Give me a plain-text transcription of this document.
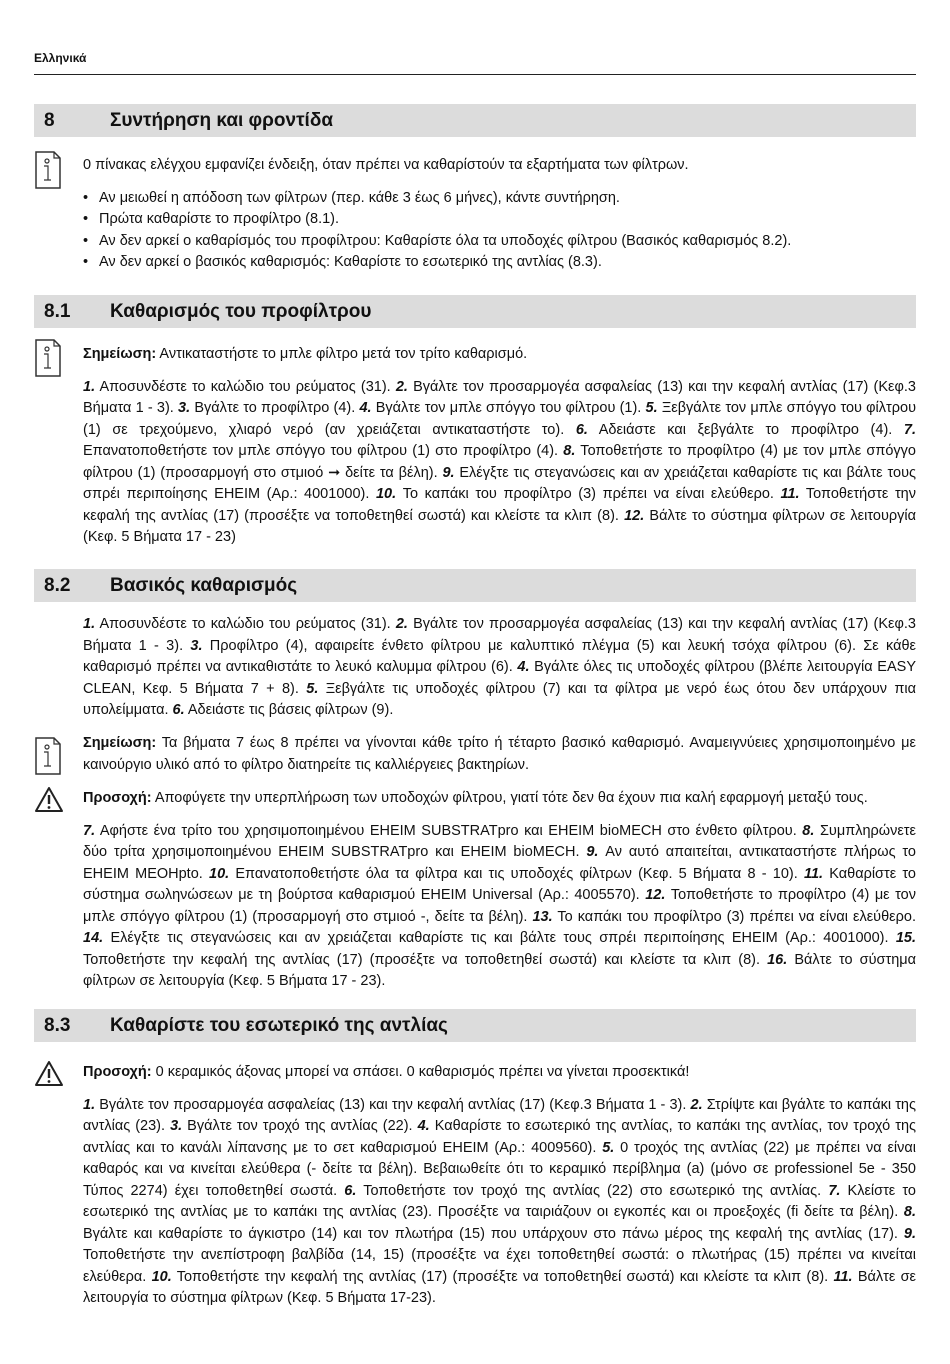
Ελληνικά
8	Συντήρηση και φροντίδα

0 πίνακας ελέγχου εμφανίζει ένδειξη, όταν πρέπει να καθαρίστούν τα εξαρτήματα των φίλτρων.

• Αν μειωθεί η απόδοση των φίλτρων (περ. κάθε 3 έως 6 μήνες), κάντε συντήρηση.
• Πρώτα καθαρίστε το προφίλτρο (8.1).
• Αν δεν αρκεί ο καθαρίσμός του προφίλτρου: Καθαρίστε όλα τα υποδοχές φίλτρου (Βασικός καθαρισμός 8.2).
• Αν δεν αρκεί ο βασικός καθαρισμός: Καθαρίστε το εσωτερικό της αντλίας (8.3).
8.1	Καθαρισμός του προφίλτρου

Σημείωση: Αντικαταστήστε το μπλε φίλτρο μετά τον τρίτο καθαρισμό.

1. Αποσυνδέστε το καλώδιο του ρεύματος (31). 2. Βγάλτε τον προσαρμογέα ασφαλείας (13) και την κεφαλή αντλίας (17) (Κεφ.3 Βήματα 1 - 3). 3. Βγάλτε το προφίλτρο (4). 4. Βγάλτε τον μπλε σπόγγο του φίλτρου (1). 5. Ξεβγάλτε τον μπλε σπόγγο του φίλτρου (1) σε τρεχούμενο, χλιαρό νερό (αν χρειάζεται αντικαταστήστε το). 6. Αδειάστε και ξεβγάλτε το προφίλτρο (4). 7. Επανατοποθετήστε τον μπλε σπόγγο του φίλτρου (1) στο προφίλτρο (4). 8. Τοποθετήστε το προφίλτρο (4) με τον μπλε σπόγγο φίλτρου (1) (προσαρμογή στο στμιοό ➞ δείτε τα βέλη). 9. Ελέγξτε τις στεγανώσεις και αν χρειάζεται καθαρίστε τις και βάλτε τους σπρέι περιποίησης EHEIM (Αρ.: 4001000). 10. Το καπάκι του προφίλτρο (3) πρέπει να είναι ελεύθερο. 11. Τοποθετήστε την κεφαλή της αντλίας (17) (προσέξτε να τοποθετηθεί σωστά) και κλείστε τα κλιπ (8). 12. Βάλτε το σύστημα φίλτρων σε λειτουργία (Κεφ. 5 Βήματα 17 - 23)

8.2	Βασικός καθαρισμός

1. Αποσυνδέστε το καλώδιο του ρεύματος (31). 2. Βγάλτε τον προσαρμογέα ασφαλείας (13) και την κεφαλή αντλίας (17) (Κεφ.3 Βήματα 1 - 3). 3. Προφίλτρο (4), αφαιρείτε ένθετο φίλτρου με καλυπτικό πλέγμα (5) και λευκή τσόχα φίλτρου (6). Σε κάθε καθαρισμό πρέπει να αντικαθιστάτε το λευκό καλυμμα φίλτρου (6). 4. Βγάλτε όλες τις υποδοχές φίλτρου (βλέπε λειτουργία EASY CLEAN, Κεφ. 5 Βήματα 7 + 8). 5. Ξεβγάλτε τις υποδοχές φίλτρου (7) και τα φίλτρα με νερό έως ότου δεν υπάρχουν πια υπολείμματα. 6. Αδειάστε τις βάσεις φίλτρων (9).

Σημείωση: Τα βήματα 7 έως 8 πρέπει να γίνονται κάθε τρίτο ή τέταρτο βασικό καθαρισμό. Αναμειγνύειες χρησιμοποιημένο με καινούργιο υλικό από το φίλτρο διατηρείτε τις καλλιέργειες βακτηρίων.

Προσοχή: Αποφύγετε την υπερπλήρωση των υποδοχών φίλτρου, γιατί τότε δεν θα έχουν πια καλή εφαρμογή μεταξύ τους.

7. Αφήστε ένα τρίτο του χρησιμοποιημένου EHEIM SUBSTRATpro και EHEIM bioMECH στο ένθετο φίλτρου. 8. Συμπληρώνετε δύο τρίτα χρησιμοποιημένου EHEIM SUBSTRATpro και EHEIM bioMECH. 9. Αν αυτό απαιτείται, αντικαταστήστε πλήρως το EHEIM MEOHpto. 10. Επανατοποθετήστε όλα τα φίλτρα και τις υποδοχές φίλτρων (Κεφ. 5 Βήματα 8 - 10). 11. Καθαρίστε το σύστημα σωληνώσεων με τη βούρτσα καθαρισμού EHEIM Universal (Αρ.: 4005570). 12. Τοποθετήστε το προφίλτρο (4) με τον μπλε σπόγγο φίλτρου (1) (προσαρμογή στο στμιοό -, δείτε τα βέλη). 13. Το καπάκι του προφίλτρο (3) πρέπει να είναι ελεύθερο. 14. Ελέγξτε τις στεγανώσεις και αν χρειάζεται καθαρίστε τις και βάλτε τους σπρέι περιποίησης EHEIM (Αρ.: 4001000). 15. Τοποθετήστε την κεφαλή της αντλίας (17) (προσέξτε να τοποθετηθεί σωστά) και κλείστε τα κλιπ (8). 16. Βάλτε το σύστημα φίλτρων σε λειτουργία (Κεφ. 5 Βήματα 17 - 23).

8.3	Καθαρίστε του εσωτερικό της αντλίας

Προσοχή: 0 κεραμικός άξονας μπορεί να σπάσει. 0 καθαρισμός πρέπει να γίνεται προσεκτικά!

1. Βγάλτε τον προσαρμογέα ασφαλείας (13) και την κεφαλή αντλίας (17) (Κεφ.3 Βήματα 1 - 3). 2. Στρίψτε και βγάλτε το καπάκι της αντλίας (23). 3. Βγάλτε τον τροχό της αντλίας (22). 4. Καθαρίστε το εσωτερικό της αντλίας, το καπάκι της αντλίας, τον τροχό της αντλίας και το κανάλι λίπανσης με το σετ καθαρισμού EHEIM (Αρ.: 4009560). 5. 0 τροχός της αντλίας (22) με πρέπει να είναι καθαρός και να κινείται ελεύθερα (- δείτε τα βέλη). Βεβαιωθείτε ότι το κεραμικό περίβλημα (a) (μόνο σε professionel 5e - 350 Τύπος 2274) έχει τοποθετηθεί σωστά. 6. Τοποθετήστε τον τροχό της αντλίας (22) στο εσωτερικό της αντλίας. 7. Κλείστε το εσωτερικό της αντλίας με το καπάκι της αντλίας (23). Προσέξτε να ταιριάζουν οι εγκοπές και οι προεξοχές (fi δείτε τα βέλη). 8. Βγάλτε και καθαρίστε το άγκιστρο (14) και τον πλωτήρα (15) που υπάρχουν στο πάνω μέρος της κεφαλή της αντλίας (17). 9. Τοποθετήστε την ανεπίστροφη βαλβίδα (14, 15) (προσέξτε να έχει τοποθετηθεί σωστά: ο πλωτήρας (15) πρέπει να κινείται ελεύθερα. 10. Τοποθετήστε την κεφαλή της αντλίας (17) (προσέξτε να τοποθετηθεί σωστά) και κλείστε τα κλιπ (8). 11. Βάλτε σε λειτουργία το σύστημα φίλτρων (Κεφ. 5 Βήματα 17-23).
